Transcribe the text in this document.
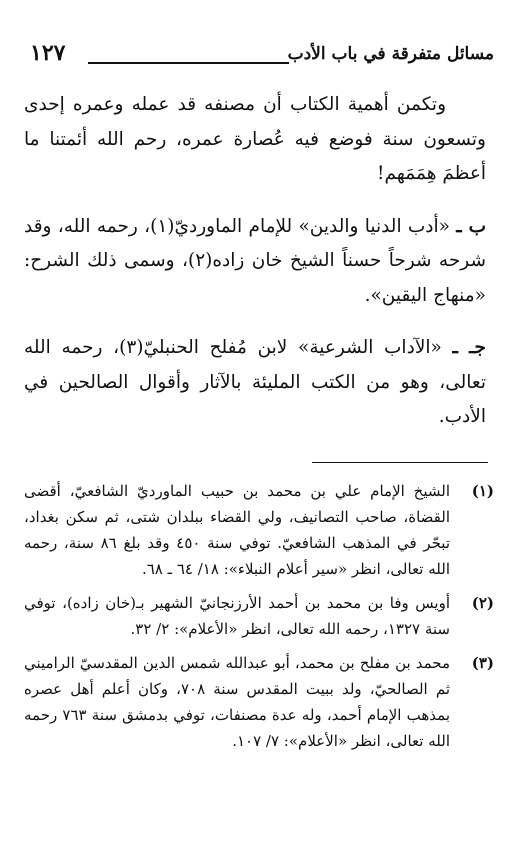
مسائل متفرقة في باب الأدب
١٢٧

وتكمن أهمية الكتاب أن مصنفه قد عمله وعمره إحدى وتسعون سنة فوضع فيه عُصارة عمره، رحم الله أئمتنا ما أعظمَ هِمَمَهم!

ب ـ «أدب الدنيا والدين» للإمام الماورديّ(١)، رحمه الله، وقد شرحه شرحاً حسناً الشيخ خان زاده(٢)، وسمى ذلك الشرح: «منهاج اليقين».

جـ ـ «الآداب الشرعية» لابن مُفلح الحنبليّ(٣)، رحمه الله تعالى، وهو من الكتب المليئة بالآثار وأقوال الصالحين في الأدب.

(١)
الشيخ الإمام علي بن محمد بن حبيب الماورديّ الشافعيّ، أقضى القضاة، صاحب التصانيف، ولي القضاء ببلدان شتى، ثم سكن بغداد، تبحّر في المذهب الشافعيّ. توفي سنة ٤٥٠ وقد بلغ ٨٦ سنة، رحمه الله تعالى، انظر «سير أعلام النبلاء»: ١٨/ ٦٤ ـ ٦٨.
(٢)
أويس وفا بن محمد بن أحمد الأرزنجانيّ الشهير بـ(خان زاده)، توفي سنة ١٣٢٧، رحمه الله تعالى، انظر «الأعلام»: ٢/ ٣٢.
(٣)
محمد بن مفلح بن محمد، أبو عبدالله شمس الدين المقدسيّ الراميني ثم الصالحيّ، ولد ببيت المقدس سنة ٧٠٨، وكان أعلم أهل عصره بمذهب الإمام أحمد، وله عدة مصنفات، توفي بدمشق سنة ٧٦٣ رحمه الله تعالى، انظر «الأعلام»: ٧/ ١٠٧.
